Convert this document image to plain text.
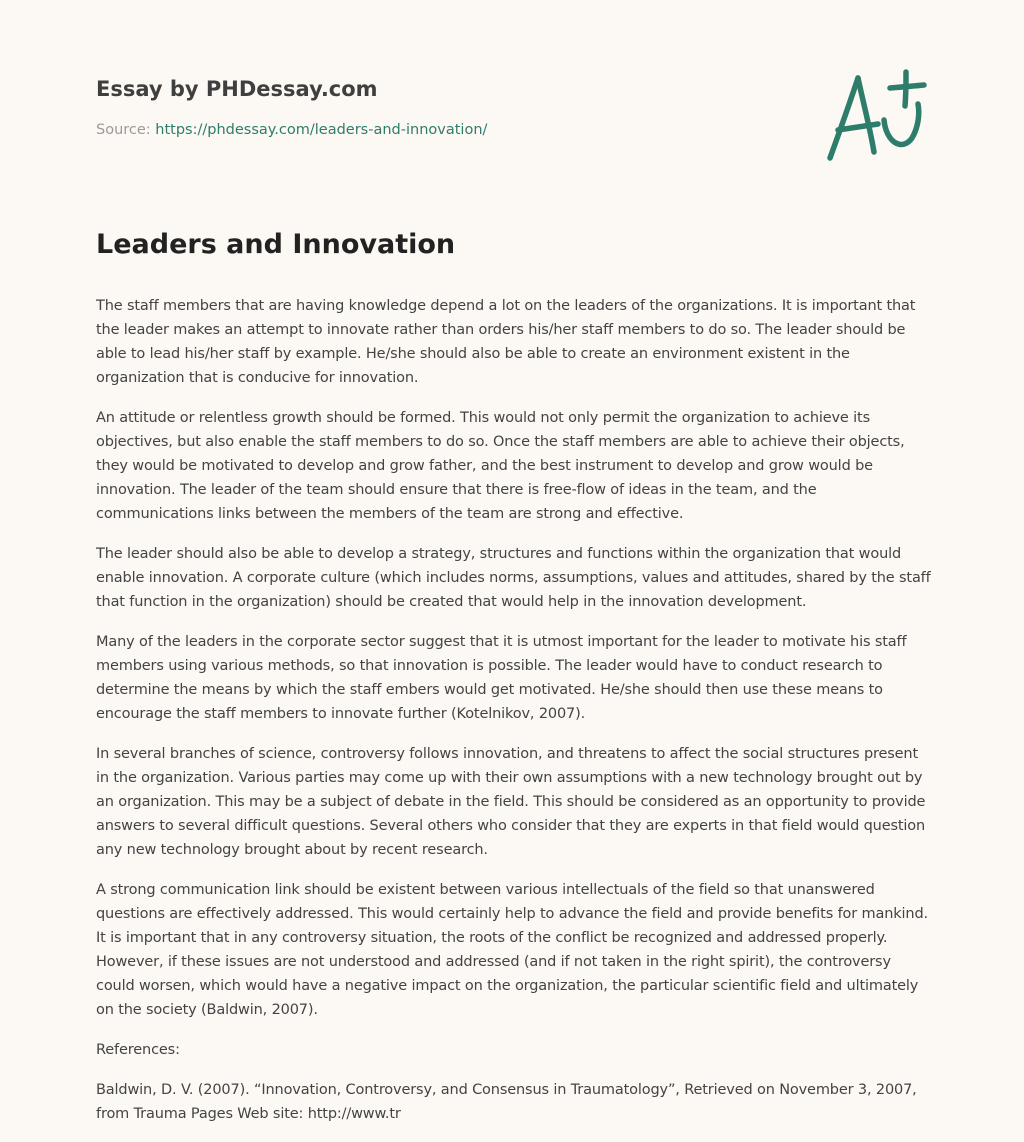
Essay by PHDessay.com
Source: https://phdessay.com/leaders-and-innovation/
Leaders and Innovation

The staff members that are having knowledge depend a lot on the leaders of the organizations. It is important that the leader makes an attempt to innovate rather than orders his/her staff members to do so. The leader should be able to lead his/her staff by example. He/she should also be able to create an environment existent in the organization that is conducive for innovation.

An attitude or relentless growth should be formed. This would not only permit the organization to achieve its objectives, but also enable the staff members to do so. Once the staff members are able to achieve their objects, they would be motivated to develop and grow father, and the best instrument to develop and grow would be innovation. The leader of the team should ensure that there is free-flow of ideas in the team, and the communications links between the members of the team are strong and effective.

The leader should also be able to develop a strategy, structures and functions within the organization that would enable innovation. A corporate culture (which includes norms, assumptions, values and attitudes, shared by the staff that function in the organization) should be created that would help in the innovation development.

Many of the leaders in the corporate sector suggest that it is utmost important for the leader to motivate his staff members using various methods, so that innovation is possible. The leader would have to conduct research to determine the means by which the staff embers would get motivated. He/she should then use these means to encourage the staff members to innovate further (Kotelnikov, 2007).

In several branches of science, controversy follows innovation, and threatens to affect the social structures present in the organization. Various parties may come up with their own assumptions with a new technology brought out by an organization. This may be a subject of debate in the field. This should be considered as an opportunity to provide answers to several difficult questions. Several others who consider that they are experts in that field would question any new technology brought about by recent research.

A strong communication link should be existent between various intellectuals of the field so that unanswered questions are effectively addressed. This would certainly help to advance the field and provide benefits for mankind. It is important that in any controversy situation, the roots of the conflict be recognized and addressed properly. However, if these issues are not understood and addressed (and if not taken in the right spirit), the controversy could worsen, which would have a negative impact on the organization, the particular scientific field and ultimately on the society (Baldwin, 2007).

References:

Baldwin, D. V. (2007). “Innovation, Controversy, and Consensus in Traumatology”, Retrieved on November 3, 2007, from Trauma Pages Web site: http://www.tr
